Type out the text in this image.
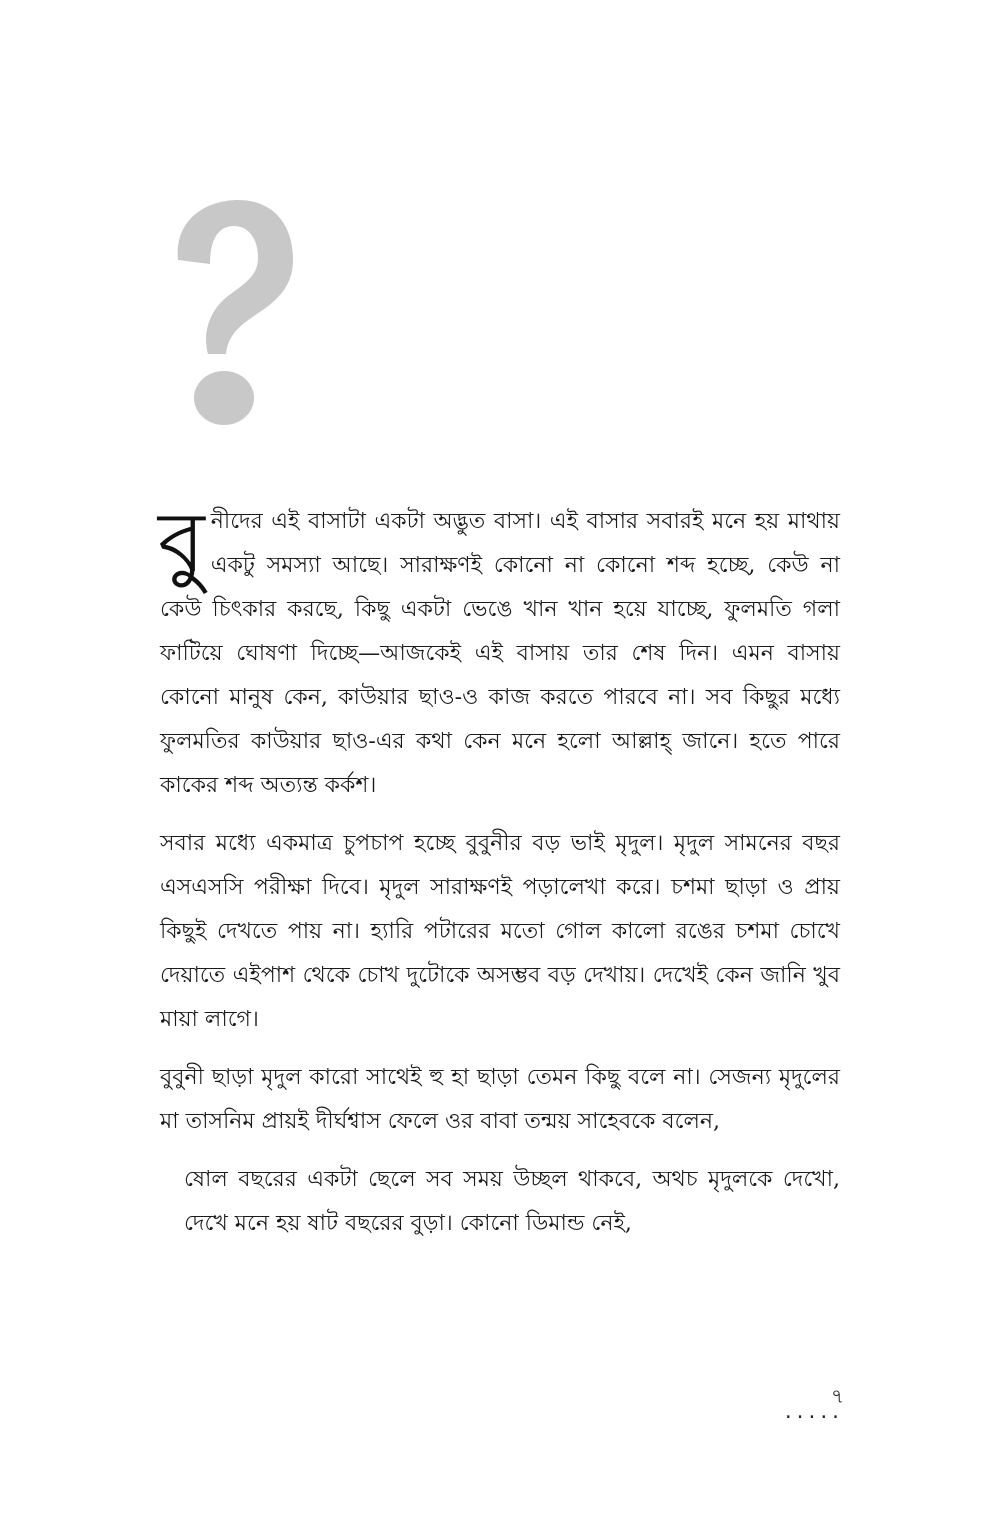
বুনীদের এই বাসাটা একটা অদ্ভুত বাসা। এই বাসার সবারই মনে হয় মাথায় একটু সমস্যা আছে। সারাক্ষণই কোনো না কোনো শব্দ হচ্ছে, কেউ না কেউ চিৎকার করছে, কিছু একটা ভেঙে খান খান হয়ে যাচ্ছে, ফুলমতি গলা ফাটিয়ে ঘোষণা দিচ্ছে—আজকেই এই বাসায় তার শেষ দিন। এমন বাসায় কোনো মানুষ কেন, কাউয়ার ছাও-ও কাজ করতে পারবে না। সব কিছুর মধ্যে ফুলমতির কাউয়ার ছাও-এর কথা কেন মনে হলো আল্লাহ্ জানে। হতে পারে কাকের শব্দ অত্যন্ত কর্কশ।

সবার মধ্যে একমাত্র চুপচাপ হচ্ছে বুবুনীর বড় ভাই মৃদুল। মৃদুল সামনের বছর এসএসসি পরীক্ষা দিবে। মৃদুল সারাক্ষণই পড়ালেখা করে। চশমা ছাড়া ও প্রায় কিছুই দেখতে পায় না। হ্যারি পটারের মতো গোল কালো রঙের চশমা চোখে দেয়াতে এইপাশ থেকে চোখ দুটোকে অসম্ভব বড় দেখায়। দেখেই কেন জানি খুব মায়া লাগে।

বুবুনী ছাড়া মৃদুল কারো সাথেই হু হা ছাড়া তেমন কিছু বলে না। সেজন্য মৃদুলের মা তাসনিম প্রায়ই দীর্ঘশ্বাস ফেলে ওর বাবা তন্ময় সাহেবকে বলেন,

ষোল বছরের একটা ছেলে সব সময় উচ্ছল থাকবে, অথচ মৃদুলকে দেখো, দেখে মনে হয় ষাট বছরের বুড়া। কোনো ডিমান্ড নেই,

৭
.....
